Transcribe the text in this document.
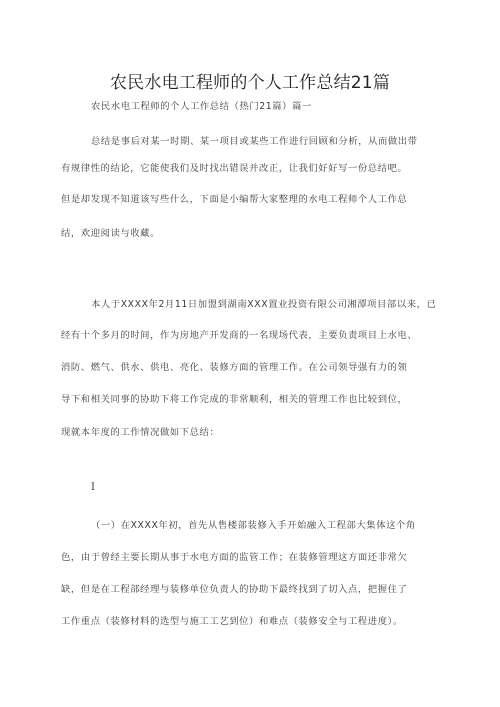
农民水电工程师的个人工作总结21篇
农民水电工程师的个人工作总结（热门21篇）篇一
总结是事后对某一时期、某一项目或某些工作进行回顾和分析，从而做出带
有规律性的结论，它能使我们及时找出错误并改正，让我们好好写一份总结吧。
但是却发现不知道该写些什么，下面是小编帮大家整理的水电工程师个人工作总
结，欢迎阅读与收藏。
本人于XXXX年2月11日加盟到湖南XXX置业投资有限公司湘潭项目部以来，已
经有十个多月的时间，作为房地产开发商的一名现场代表，主要负责项目上水电、
消防、燃气、供水、供电、亮化、装修方面的管理工作。在公司领导强有力的领
导下和相关同事的协助下将工作完成的非常顺利，相关的管理工作也比较到位，
现就本年度的工作情况做如下总结：
I
（一）在XXXX年初，首先从售楼部装修入手开始融入工程部大集体这个角
色，由于曾经主要长期从事于水电方面的监管工作；在装修管理这方面还非常欠
缺，但是在工程部经理与装修单位负责人的协助下最终找到了切入点，把握住了
工作重点（装修材料的选型与施工工艺到位）和难点（装修安全与工程进度）。
